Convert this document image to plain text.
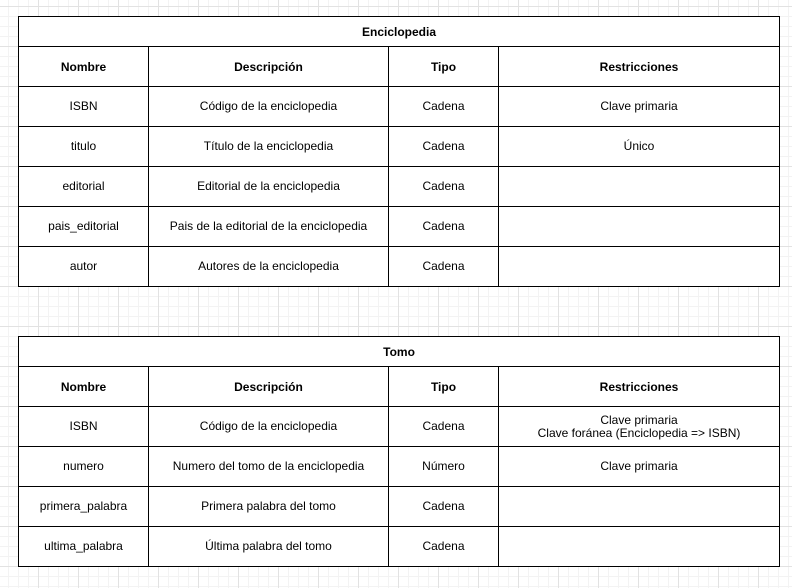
Enciclopedia			
Nombre	Descripción	Tipo	Restricciones
ISBN	Código de la enciclopedia	Cadena	Clave primaria

titulo	Título de la enciclopedia	Cadena	Único

editorial	Editorial de la enciclopedia	Cadena	
pais_editorial	Pais de la editorial de la enciclopedia	Cadena	
autor	Autores de la enciclopedia	Cadena	
Tomo			
Nombre	Descripción	Tipo	Restricciones
ISBN	Código de la enciclopedia	Cadena	Clave primaria
Clave foránea (Enciclopedia => ISBN)

numero	Numero del tomo de la enciclopedia	Número	Clave primaria

primera_palabra	Primera palabra del tomo	Cadena	
ultima_palabra	Última palabra del tomo	Cadena	
